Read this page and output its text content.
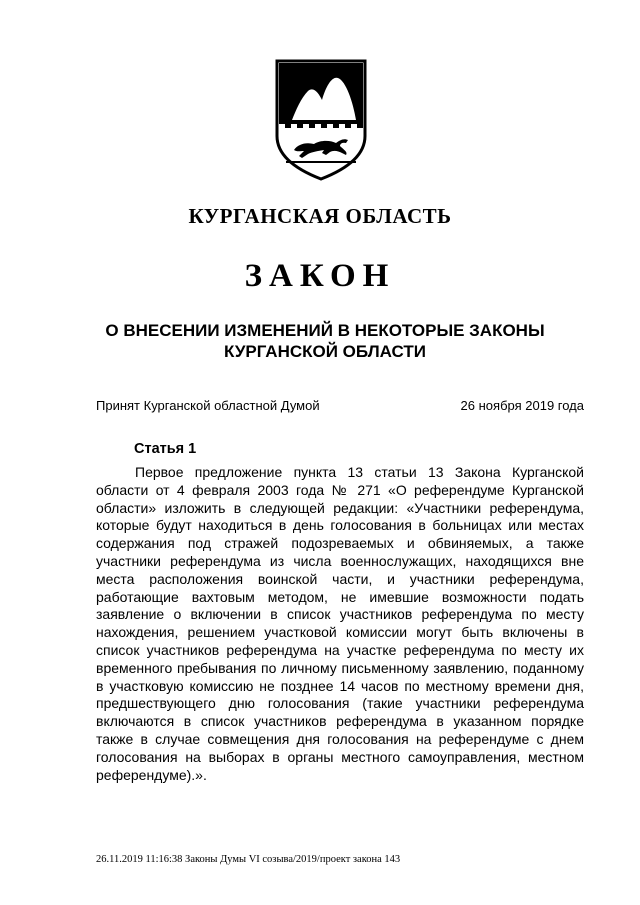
КУРГАНСКАЯ ОБЛАСТЬ
ЗАКОН
О ВНЕСЕНИИ ИЗМЕНЕНИЙ В НЕКОТОРЫЕ ЗАКОНЫ КУРГАНСКОЙ ОБЛАСТИ
Принят Курганской областной Думой	26 ноября 2019 года
Статья 1

Первое предложение пункта 13 статьи 13 Закона Курганской области от 4 февраля 2003 года № 271 «О референдуме Курганской области» изложить в следующей редакции: «Участники референдума, которые будут находиться в день голосования в больницах или местах содержания под стражей подозреваемых и обвиняемых, а также участники референдума из числа военнослужащих, находящихся вне места расположения воинской части, и участники референдума, работающие вахтовым методом, не имевшие возможности подать заявление о включении в список участников референдума по месту нахождения, решением участковой комиссии могут быть включены в список участников референдума на участке референдума по месту их временного пребывания по личному письменному заявлению, поданному в участковую комиссию не позднее 14 часов по местному времени дня, предшествующего дню голосования (такие участники референдума включаются в список участников референдума в указанном порядке также в случае совмещения дня голосования на референдуме с днем голосования на выборах в органы местного самоуправления, местном референдуме).».

26.11.2019 11:16:38 Законы Думы VI созыва/2019/проект закона 143
